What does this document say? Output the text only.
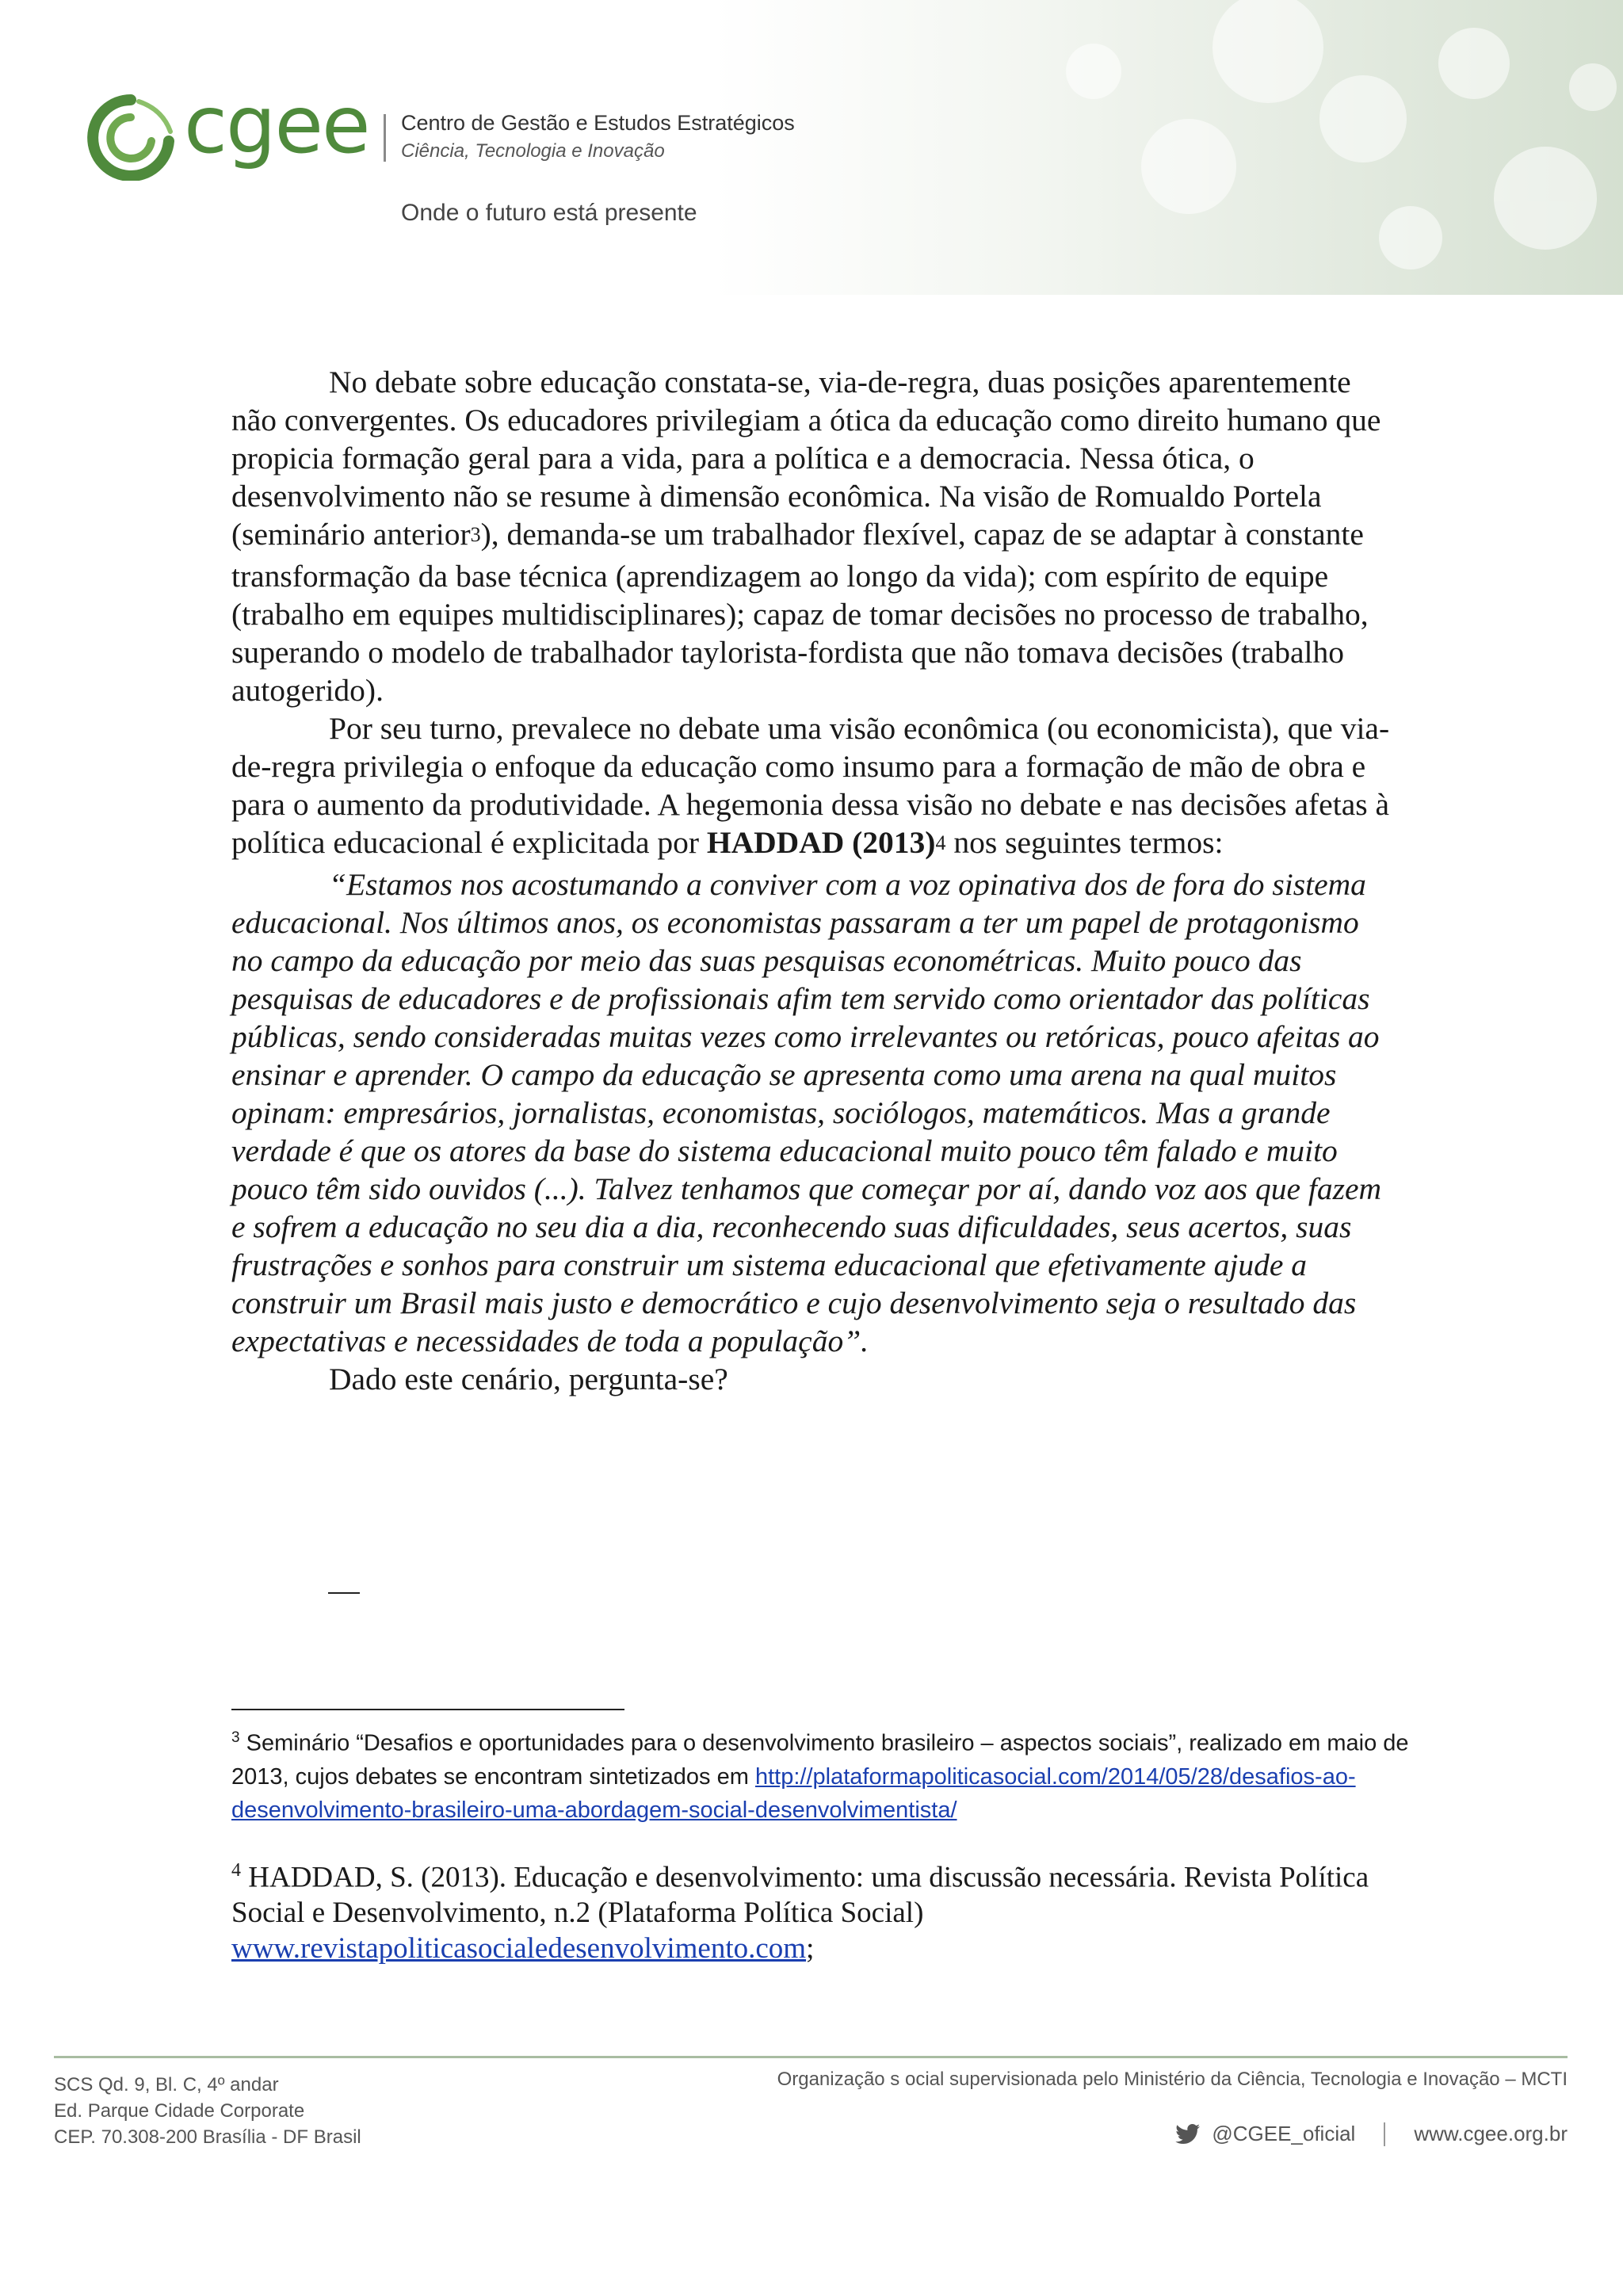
cgee Centro de Gestão e Estudos Estratégicos
Ciência, Tecnologia e Inovação
Onde o futuro está presente

No debate sobre educação constata-se, via-de-regra, duas posições aparentemente não convergentes. Os educadores privilegiam a ótica da educação como direito humano que propicia formação geral para a vida, para a política e a democracia. Nessa ótica, o desenvolvimento não se resume à dimensão econômica. Na visão de Romualdo Portela (seminário anterior$^3$), demanda-se um trabalhador flexível, capaz de se adaptar à constante transformação da base técnica (aprendizagem ao longo da vida); com espírito de equipe (trabalho em equipes multidisciplinares); capaz de tomar decisões no processo de trabalho, superando o modelo de trabalhador taylorista-fordista que não tomava decisões (trabalho autogerido).

Por seu turno, prevalece no debate uma visão econômica (ou economicista), que via-de-regra privilegia o enfoque da educação como insumo para a formação de mão de obra e para o aumento da produtividade. A hegemonia dessa visão no debate e nas decisões afetas à política educacional é explicitada por HADDAD (2013)$^4$ nos seguintes termos:

“Estamos nos acostumando a conviver com a voz opinativa dos de fora do sistema educacional. Nos últimos anos, os economistas passaram a ter um papel de protagonismo no campo da educação por meio das suas pesquisas econométricas. Muito pouco das pesquisas de educadores e de profissionais afim tem servido como orientador das políticas públicas, sendo consideradas muitas vezes como irrelevantes ou retóricas, pouco afeitas ao ensinar e aprender. O campo da educação se apresenta como uma arena na qual muitos opinam: empresários, jornalistas, economistas, sociólogos, matemáticos. Mas a grande verdade é que os atores da base do sistema educacional muito pouco têm falado e muito pouco têm sido ouvidos (...). Talvez tenhamos que começar por aí, dando voz aos que fazem e sofrem a educação no seu dia a dia, reconhecendo suas dificuldades, seus acertos, suas frustrações e sonhos para construir um sistema educacional que efetivamente ajude a construir um Brasil mais justo e democrático e cujo desenvolvimento seja o resultado das expectativas e necessidades de toda a população”.

Dado este cenário, pergunta-se?

$^3$ Seminário “Desafios e oportunidades para o desenvolvimento brasileiro – aspectos sociais”, realizado em maio de 2013, cujos debates se encontram sintetizados em http://plataformapoliticasocial.com/2014/05/28/desafios-ao-desenvolvimento-brasileiro-uma-abordagem-social-desenvolvimentista/
$^4$ HADDAD, S. (2013). Educação e desenvolvimento: uma discussão necessária. Revista Política Social e Desenvolvimento, n.2 (Plataforma Política Social) www.revistapoliticasocialedesenvolvimento.com;
SCS Qd. 9, Bl. C, 4º andar
Ed. Parque Cidade Corporate
CEP. 70.308-200 Brasília - DF Brasil
Organização s ocial supervisionada pelo Ministério da Ciência, Tecnologia e Inovação – MCTI
@CGEE_oficial	www.cgee.org.br
